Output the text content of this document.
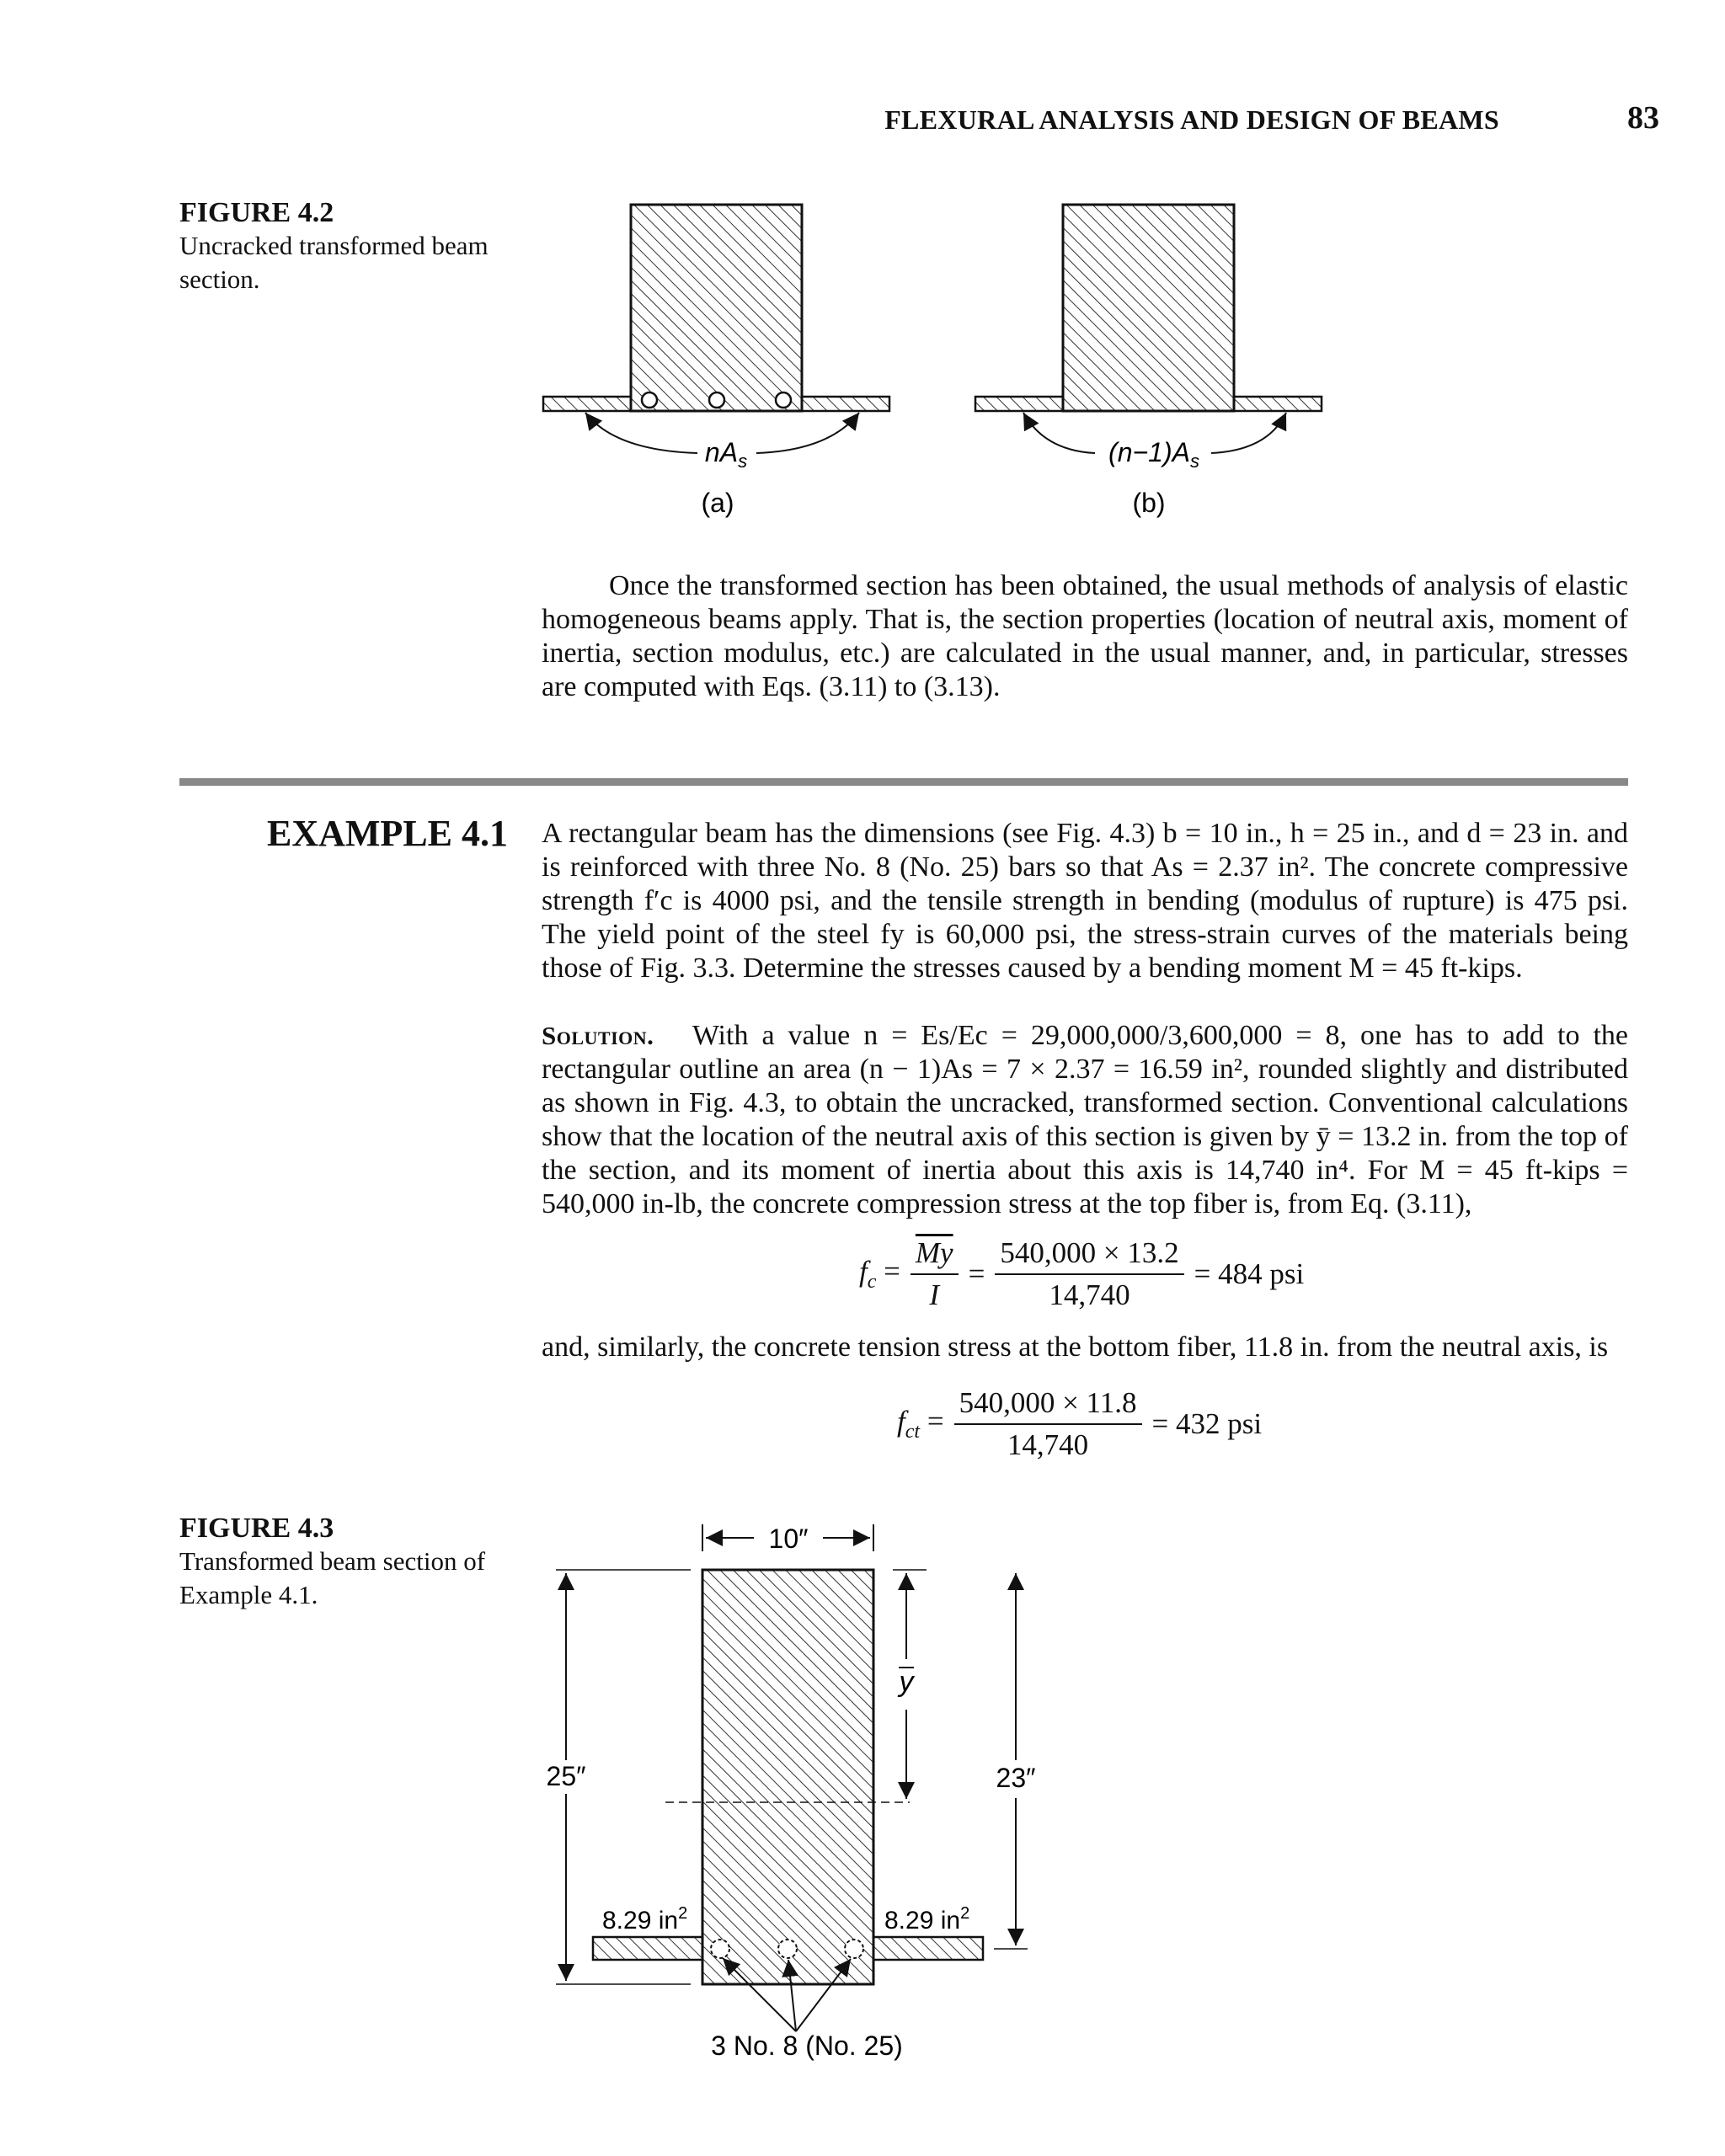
FLEXURAL ANALYSIS AND DESIGN OF BEAMS	83
FIGURE 4.2
Uncracked transformed beam section.
$nA_s$
(a)
$(n-1)A_s$
(b)
Once the transformed section has been obtained, the usual methods of analysis of elastic homogeneous beams apply. That is, the section properties (location of neutral axis, moment of inertia, section modulus, etc.) are calculated in the usual manner, and, in particular, stresses are computed with Eqs. (3.11) to (3.13).
EXAMPLE 4.1 A rectangular beam has the dimensions (see Fig. 4.3) b = 10 in., h = 25 in., and d = 23 in. and is reinforced with three No. 8 (No. 25) bars so that As = 2.37 in². The concrete compressive strength f′c is 4000 psi, and the tensile strength in bending (modulus of rupture) is 475 psi. The yield point of the steel fy is 60,000 psi, the stress-strain curves of the materials being those of Fig. 3.3. Determine the stresses caused by a bending moment M = 45 ft-kips.
Solution. With a value n = Es/Ec = 29,000,000/3,600,000 = 8, one has to add to the rectangular outline an area (n − 1)As = 7 × 2.37 = 16.59 in², rounded slightly and distributed as shown in Fig. 4.3, to obtain the uncracked, transformed section. Conventional calculations show that the location of the neutral axis of this section is given by ȳ = 13.2 in. from the top of the section, and its moment of inertia about this axis is 14,740 in⁴. For M = 45 ft-kips = 540,000 in-lb, the concrete compression stress at the top fiber is, from Eq. (3.11),
$f_c = \frac{\overline{My}}{I} = \frac{540,000 \times 13.2}{14,740} = 484$ psi
and, similarly, the concrete tension stress at the bottom fiber, 11.8 in. from the neutral axis, is
$f_{ct} = \frac{540,000 \times 11.8}{14,740} = 432$ psi
FIGURE 4.3
Transformed beam section of Example 4.1.
10″
25″
y
23″
8.29 $in^2$	8.29 $in^2$
3 No. 8 (No. 25)
